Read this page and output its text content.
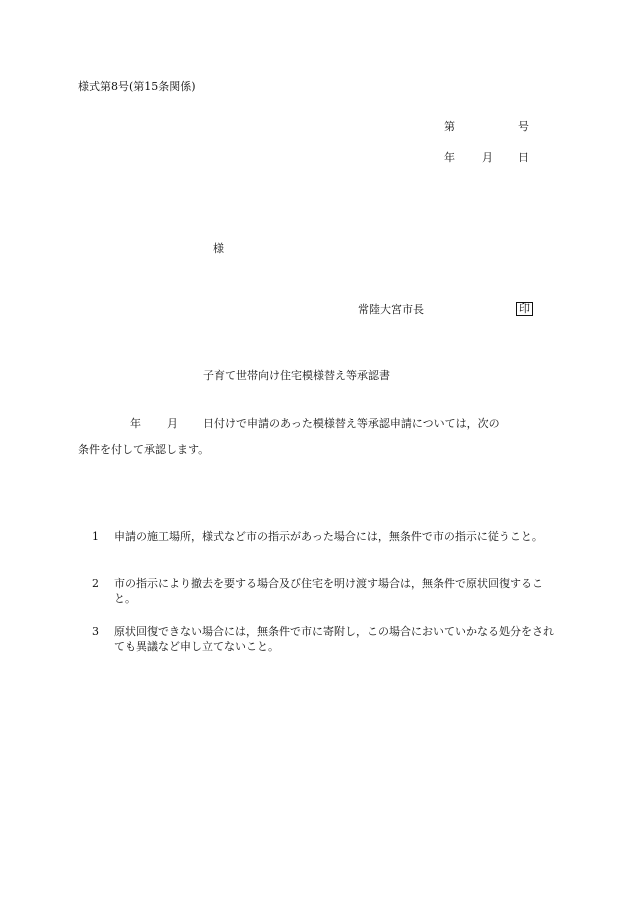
様式第8号(第15条関係)
第	号
年 月 日
様
常陸大宮市長	印
子育て世帯向け住宅模様替え等承認書
年 月 日付けで申請のあった模様替え等承認申請については，次の
条件を付して承認します。
1	申請の施工場所，様式など市の指示があった場合には，無条件で市の指示に従うこと。
2	市の指示により撤去を要する場合及び住宅を明け渡す場合は，無条件で原状回復すること。
3	原状回復できない場合には，無条件で市に寄附し，この場合においていかなる処分をされても異議など申し立てないこと。
